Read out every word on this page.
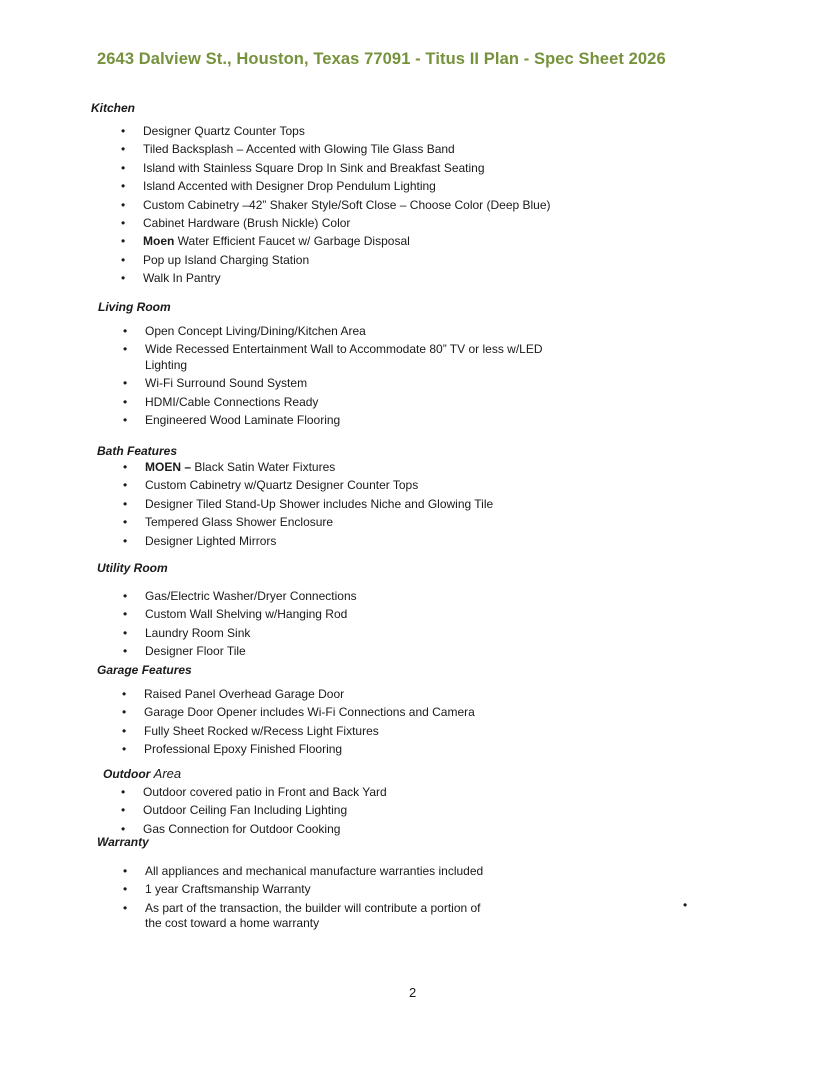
2643 Dalview St., Houston, Texas 77091 - Titus II Plan - Spec Sheet 2026
Kitchen
• Designer Quartz Counter Tops
• Tiled Backsplash – Accented with Glowing Tile Glass Band
• Island with Stainless Square Drop In Sink and Breakfast Seating
• Island Accented with Designer Drop Pendulum Lighting
• Custom Cabinetry –42” Shaker Style/Soft Close – Choose Color (Deep Blue)
• Cabinet Hardware (Brush Nickle) Color
• Moen Water Efficient Faucet w/ Garbage Disposal
• Pop up Island Charging Station
• Walk In Pantry
Living Room
• Open Concept Living/Dining/Kitchen Area
• Wide Recessed Entertainment Wall to Accommodate 80” TV or less w/LED Lighting
• Wi-Fi Surround Sound System
• HDMI/Cable Connections Ready
• Engineered Wood Laminate Flooring
Bath Features
• MOEN – Black Satin Water Fixtures
• Custom Cabinetry w/Quartz Designer Counter Tops
• Designer Tiled Stand-Up Shower includes Niche and Glowing Tile
• Tempered Glass Shower Enclosure
• Designer Lighted Mirrors
Utility Room
• Gas/Electric Washer/Dryer Connections
• Custom Wall Shelving w/Hanging Rod
• Laundry Room Sink
• Designer Floor Tile
Garage Features
• Raised Panel Overhead Garage Door
• Garage Door Opener includes Wi-Fi Connections and Camera
• Fully Sheet Rocked w/Recess Light Fixtures
• Professional Epoxy Finished Flooring
Outdoor Area
• Outdoor covered patio in Front and Back Yard
• Outdoor Ceiling Fan Including Lighting
• Gas Connection for Outdoor Cooking
Warranty
• All appliances and mechanical manufacture warranties included
• 1 year Craftsmanship Warranty
• As part of the transaction, the builder will contribute a portion of the cost toward a home warranty
•
2
